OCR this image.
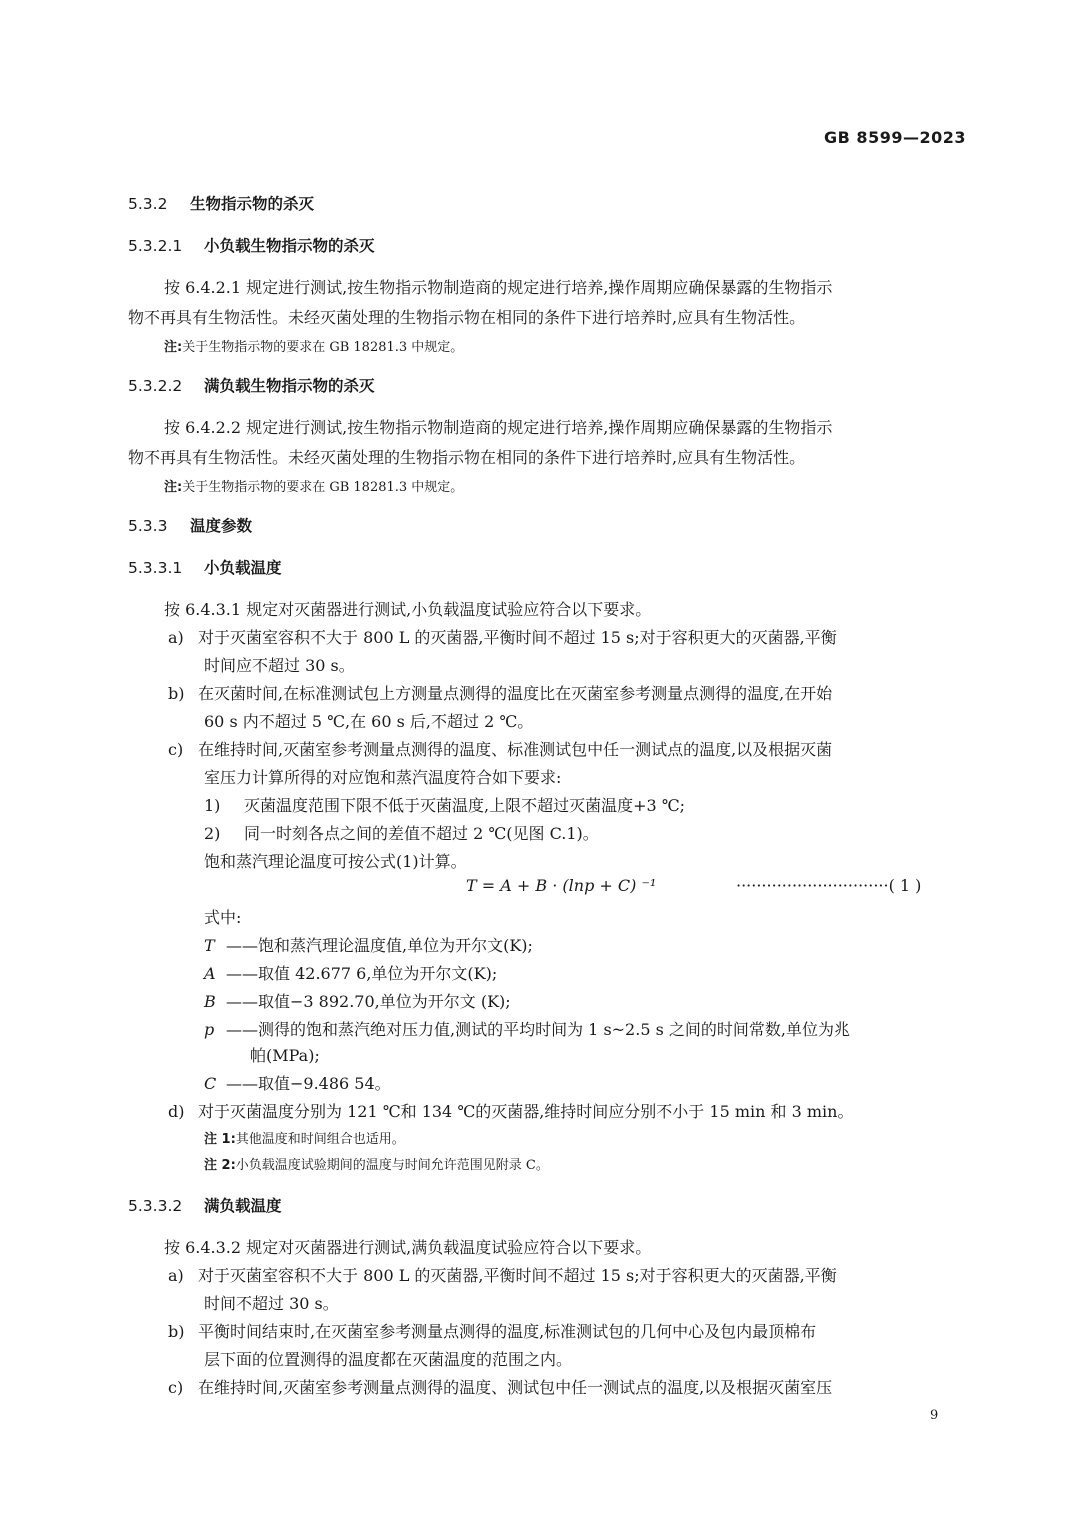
GB 8599—2023
5.3.2 生物指示物的杀灭
5.3.2.1 小负载生物指示物的杀灭
按 6.4.2.1 规定进行测试,按生物指示物制造商的规定进行培养,操作周期应确保暴露的生物指示
物不再具有生物活性。未经灭菌处理的生物指示物在相同的条件下进行培养时,应具有生物活性。
注:关于生物指示物的要求在 GB 18281.3 中规定。
5.3.2.2 满负载生物指示物的杀灭
按 6.4.2.2 规定进行测试,按生物指示物制造商的规定进行培养,操作周期应确保暴露的生物指示
物不再具有生物活性。未经灭菌处理的生物指示物在相同的条件下进行培养时,应具有生物活性。
注:关于生物指示物的要求在 GB 18281.3 中规定。
5.3.3 温度参数
5.3.3.1 小负载温度
按 6.4.3.1 规定对灭菌器进行测试,小负载温度试验应符合以下要求。
a) 对于灭菌室容积不大于 800 L 的灭菌器,平衡时间不超过 15 s;对于容积更大的灭菌器,平衡
时间应不超过 30 s。
b) 在灭菌时间,在标准测试包上方测量点测得的温度比在灭菌室参考测量点测得的温度,在开始
60 s 内不超过 5 ℃,在 60 s 后,不超过 2 ℃。
c) 在维持时间,灭菌室参考测量点测得的温度、标准测试包中任一测试点的温度,以及根据灭菌
室压力计算所得的对应饱和蒸汽温度符合如下要求:
1) 灭菌温度范围下限不低于灭菌温度,上限不超过灭菌温度+3 ℃;
2) 同一时刻各点之间的差值不超过 2 ℃(见图 C.1)。
饱和蒸汽理论温度可按公式(1)计算。
T = A + B · (lnp + C) ⁻¹	······························( 1 )
式中:
T ——饱和蒸汽理论温度值,单位为开尔文(K);
A ——取值 42.677 6,单位为开尔文(K);
B ——取值−3 892.70,单位为开尔文 (K);
p ——测得的饱和蒸汽绝对压力值,测试的平均时间为 1 s~2.5 s 之间的时间常数,单位为兆
帕(MPa);
C ——取值−9.486 54。
d) 对于灭菌温度分别为 121 ℃和 134 ℃的灭菌器,维持时间应分别不小于 15 min 和 3 min。
注 1:其他温度和时间组合也适用。
注 2:小负载温度试验期间的温度与时间允许范围见附录 C。
5.3.3.2 满负载温度
按 6.4.3.2 规定对灭菌器进行测试,满负载温度试验应符合以下要求。
a) 对于灭菌室容积不大于 800 L 的灭菌器,平衡时间不超过 15 s;对于容积更大的灭菌器,平衡
时间不超过 30 s。
b) 平衡时间结束时,在灭菌室参考测量点测得的温度,标准测试包的几何中心及包内最顶棉布
层下面的位置测得的温度都在灭菌温度的范围之内。
c) 在维持时间,灭菌室参考测量点测得的温度、测试包中任一测试点的温度,以及根据灭菌室压
9
